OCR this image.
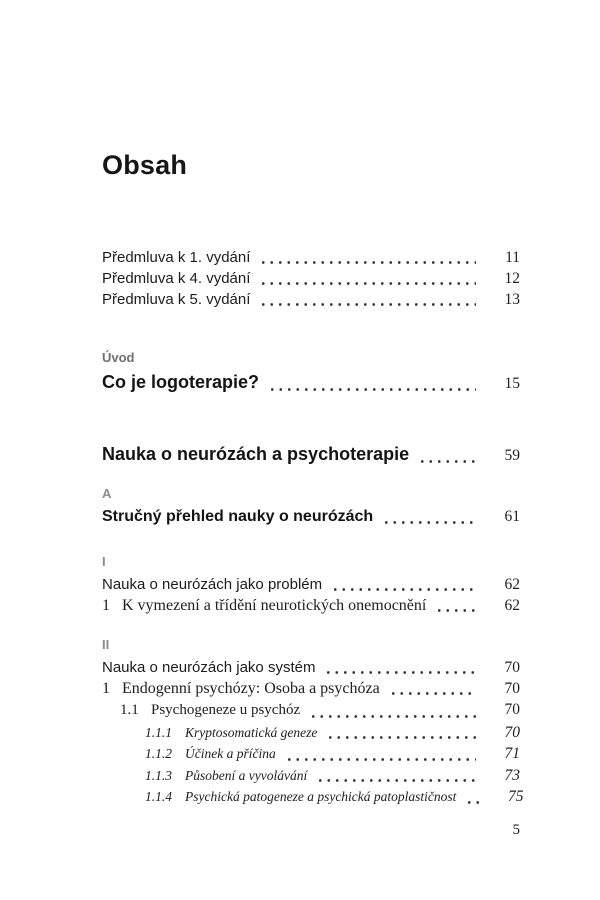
Obsah
Předmluva k 1. vydání	11
Předmluva k 4. vydání	12
Předmluva k 5. vydání	13
Úvod
Co je logoterapie?	15
Nauka o neurózách a psychoterapie	59
A
Stručný přehled nauky o neurózách	61
I
Nauka o neurózách jako problém	62
1 K vymezení a třídění neurotických onemocnění	62
II
Nauka o neurózách jako systém	70
1 Endogenní psychózy: Osoba a psychóza	70
1.1 Psychogeneze u psychóz	70
1.1.1 Kryptosomatická geneze	70
1.1.2 Účinek a příčina	71
1.1.3 Působení a vyvolávání	73
1.1.4 Psychická patogeneze a psychická patoplastičnost	75
5
